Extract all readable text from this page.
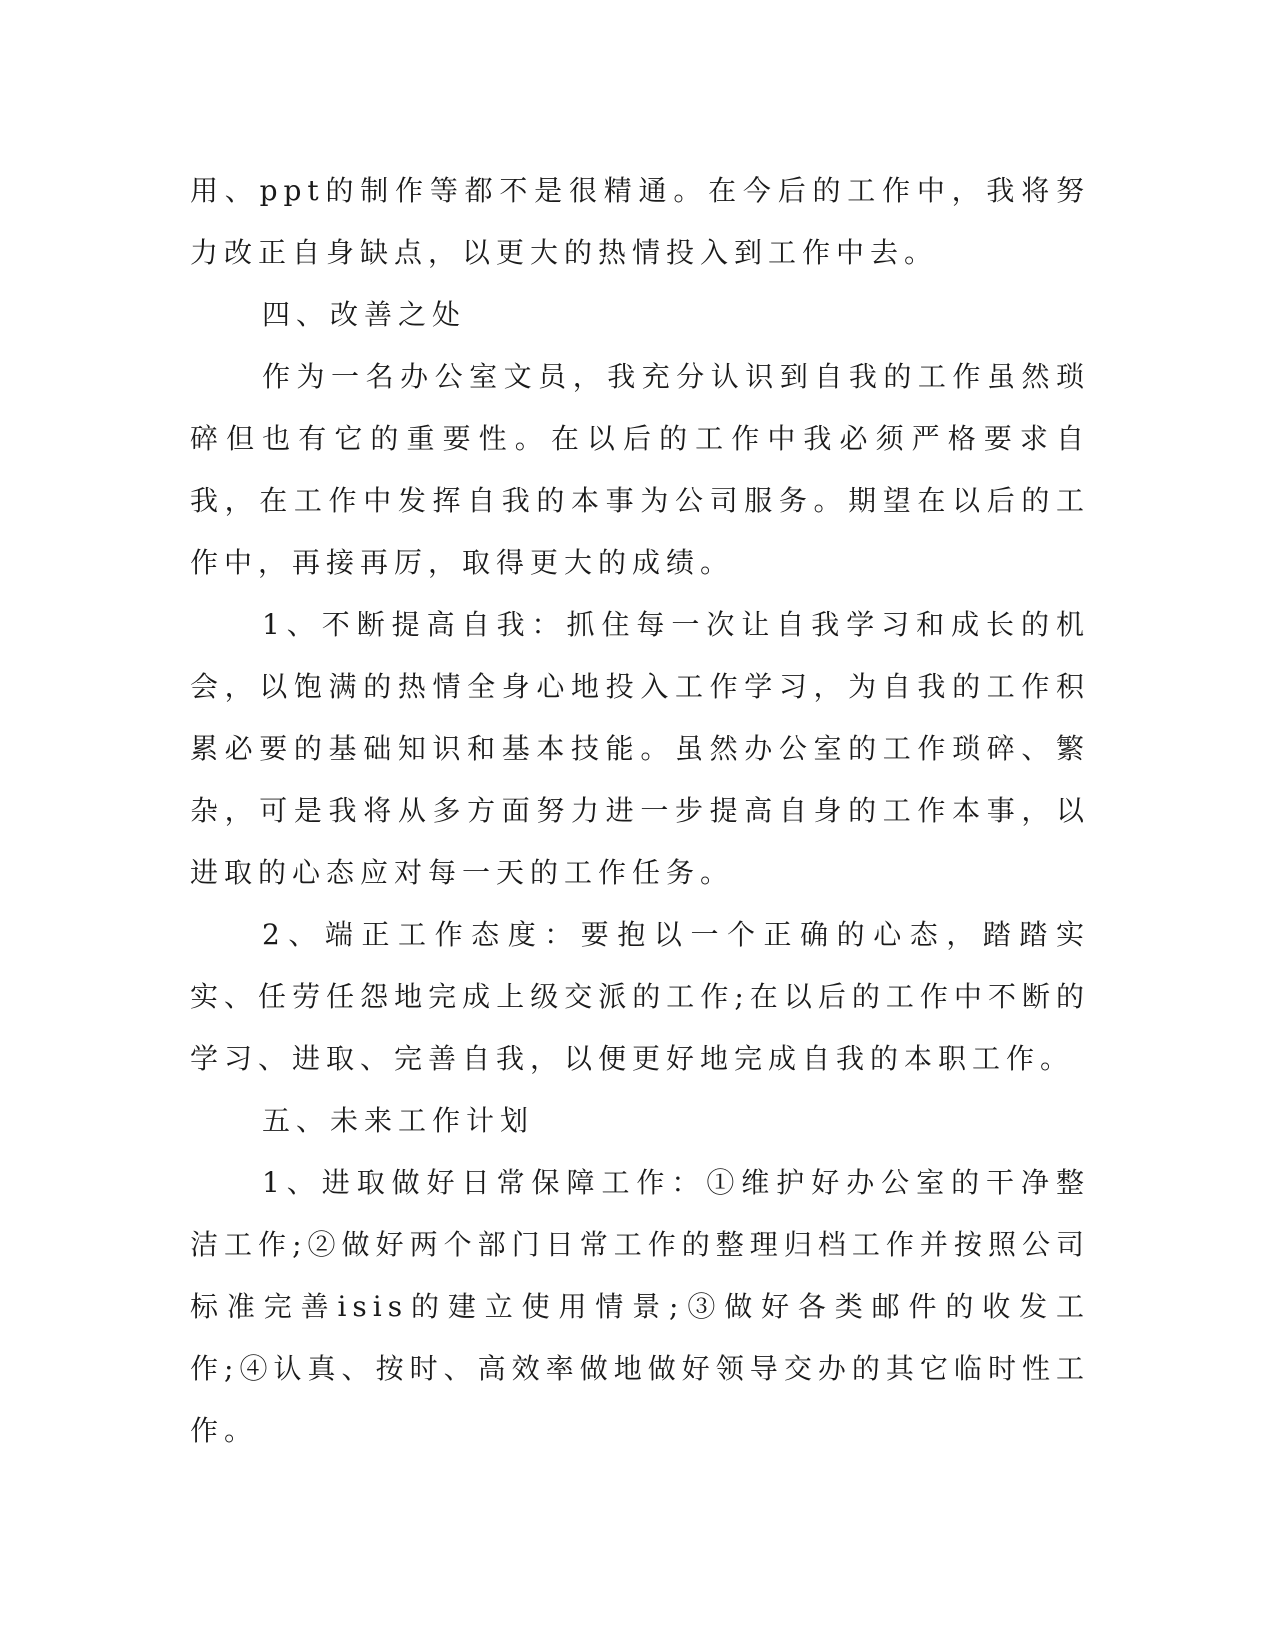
用、ppt的制作等都不是很精通。在今后的工作中，我将努力改正自身缺点，以更大的热情投入到工作中去。

四、改善之处

作为一名办公室文员，我充分认识到自我的工作虽然琐碎但也有它的重要性。在以后的工作中我必须严格要求自我，在工作中发挥自我的本事为公司服务。期望在以后的工作中，再接再厉，取得更大的成绩。

1、不断提高自我：抓住每一次让自我学习和成长的机会，以饱满的热情全身心地投入工作学习，为自我的工作积累必要的基础知识和基本技能。虽然办公室的工作琐碎、繁杂，可是我将从多方面努力进一步提高自身的工作本事，以进取的心态应对每一天的工作任务。

2、端正工作态度：要抱以一个正确的心态，踏踏实实、任劳任怨地完成上级交派的工作;在以后的工作中不断的学习、进取、完善自我，以便更好地完成自我的本职工作。

五、未来工作计划

1、进取做好日常保障工作：①维护好办公室的干净整洁工作;②做好两个部门日常工作的整理归档工作并按照公司标准完善isis的建立使用情景;③做好各类邮件的收发工作;④认真、按时、高效率做地做好领导交办的其它临时性工作。
